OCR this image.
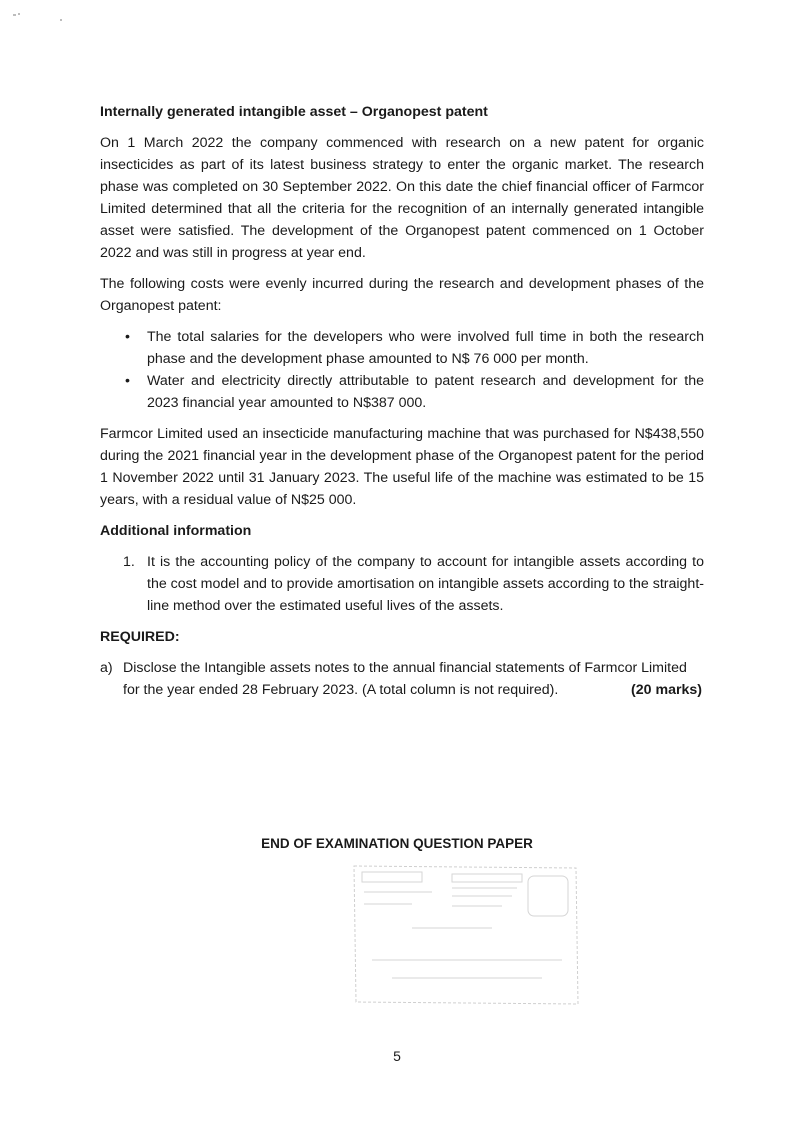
Internally generated intangible asset – Organopest patent

On 1 March 2022 the company commenced with research on a new patent for organic insecticides as part of its latest business strategy to enter the organic market. The research phase was completed on 30 September 2022. On this date the chief financial officer of Farmcor Limited determined that all the criteria for the recognition of an internally generated intangible asset were satisfied. The development of the Organopest patent commenced on 1 October 2022 and was still in progress at year end.

The following costs were evenly incurred during the research and development phases of the Organopest patent:

• The total salaries for the developers who were involved full time in both the research phase and the development phase amounted to N$ 76 000 per month.
• Water and electricity directly attributable to patent research and development for the 2023 financial year amounted to N$387 000.

Farmcor Limited used an insecticide manufacturing machine that was purchased for N$438,550 during the 2021 financial year in the development phase of the Organopest patent for the period 1 November 2022 until 31 January 2023. The useful life of the machine was estimated to be 15 years, with a residual value of N$25 000.

Additional information

1. It is the accounting policy of the company to account for intangible assets according to the cost model and to provide amortisation on intangible assets according to the straight-line method over the estimated useful lives of the assets.

REQUIRED:

a) Disclose the Intangible assets notes to the annual financial statements of Farmcor Limited for the year ended 28 February 2023. (A total column is not required).	(20 marks)
END OF EXAMINATION QUESTION PAPER
5
